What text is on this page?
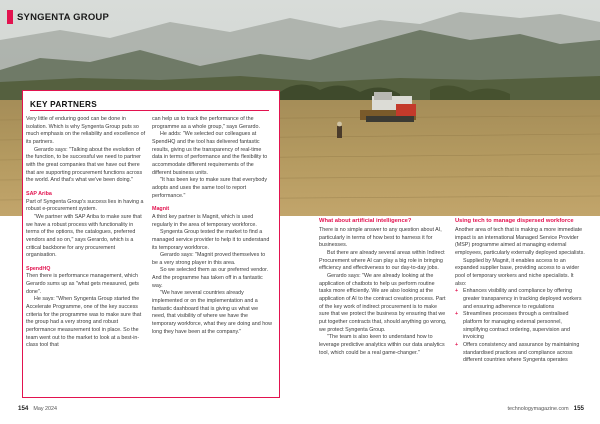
SYNGENTA GROUP
KEY PARTNERS

Very little of enduring good can be done in isolation. Which is why Syngenta Group puts so much emphasis on the reliability and excellence of its partners.

Gerardo says: "Talking about the evolution of the function, to be successful we need to partner with the great companies that we have out there that are supporting procurement functions across the world. And that's what we've been doing."

SAP Ariba

Part of Syngenta Group's success lies in having a robust e-procurement system.

"We partner with SAP Ariba to make sure that we have a robust process with functionality in terms of the options, the catalogues, preferred vendors and so on," says Gerardo, which is a critical backbone for any procurement organisation.

SpendHQ

Then there is performance management, which Gerardo sums up as "what gets measured, gets done".

He says: "When Syngenta Group started the Accelerate Programme, one of the key success criteria for the programme was to make sure that the group had a very strong and robust performance measurement tool in place. So the team went out to the market to look at a best-in-class tool that

can help us to track the performance of the programme as a whole group," says Gerardo.

He adds: "We selected our colleagues at SpendHQ and the tool has delivered fantastic results, giving us the transparency of real-time data in terms of performance and the flexibility to accommodate different requirements of the different business units.

"It has been key to make sure that everybody adopts and uses the same tool to report performance."

Magnit

A third key partner is Magnit, which is used regularly in the area of temporary workforce.

Syngenta Group tested the market to find a managed service provider to help it to understand its temporary workforce.

Gerardo says: "Magnit proved themselves to be a very strong player in this area.

So we selected them as our preferred vendor. And the programme has taken off in a fantastic way.

"We have several countries already implemented or on the implementation and a fantastic dashboard that is giving us what we need, that visibility of where we have the temporary workforce, what they are doing and how long they have been at the company."

What about artificial intelligence?

There is no simple answer to any question about AI, particularly in terms of how best to harness it for businesses.

But there are already several areas within Indirect Procurement where AI can play a big role in bringing efficiency and effectiveness to our day-to-day jobs.

Gerardo says: "We are already looking at the application of chatbots to help us perform routine tasks more efficiently. We are also looking at the application of AI to the contract creation process. Part of the key work of indirect procurement is to make sure that we protect the business by ensuring that we put together contracts that, should anything go wrong, we protect Syngenta Group.

"The team is also keen to understand how to leverage predictive analytics within our data analytics tool, which could be a real game-changer."

Using tech to manage dispersed workforce

Another area of tech that is making a more immediate impact is an international Managed Service Provider (MSP) programme aimed at managing external employees, particularly externally deployed specialists.

Supplied by Magnit, it enables access to an expanded supplier base, providing access to a wider pool of temporary workers and niche specialists. It also:

+ Enhances visibility and compliance by offering greater transparency in tracking deployed workers and ensuring adherence to regulations
+ Streamlines processes through a centralised platform for managing external personnel, simplifying contract ordering, supervision and invoicing
+ Offers consistency and assurance by maintaining standardised practices and compliance across different countries where Syngenta operates
154 May 2024	technologymagazine.com 155
